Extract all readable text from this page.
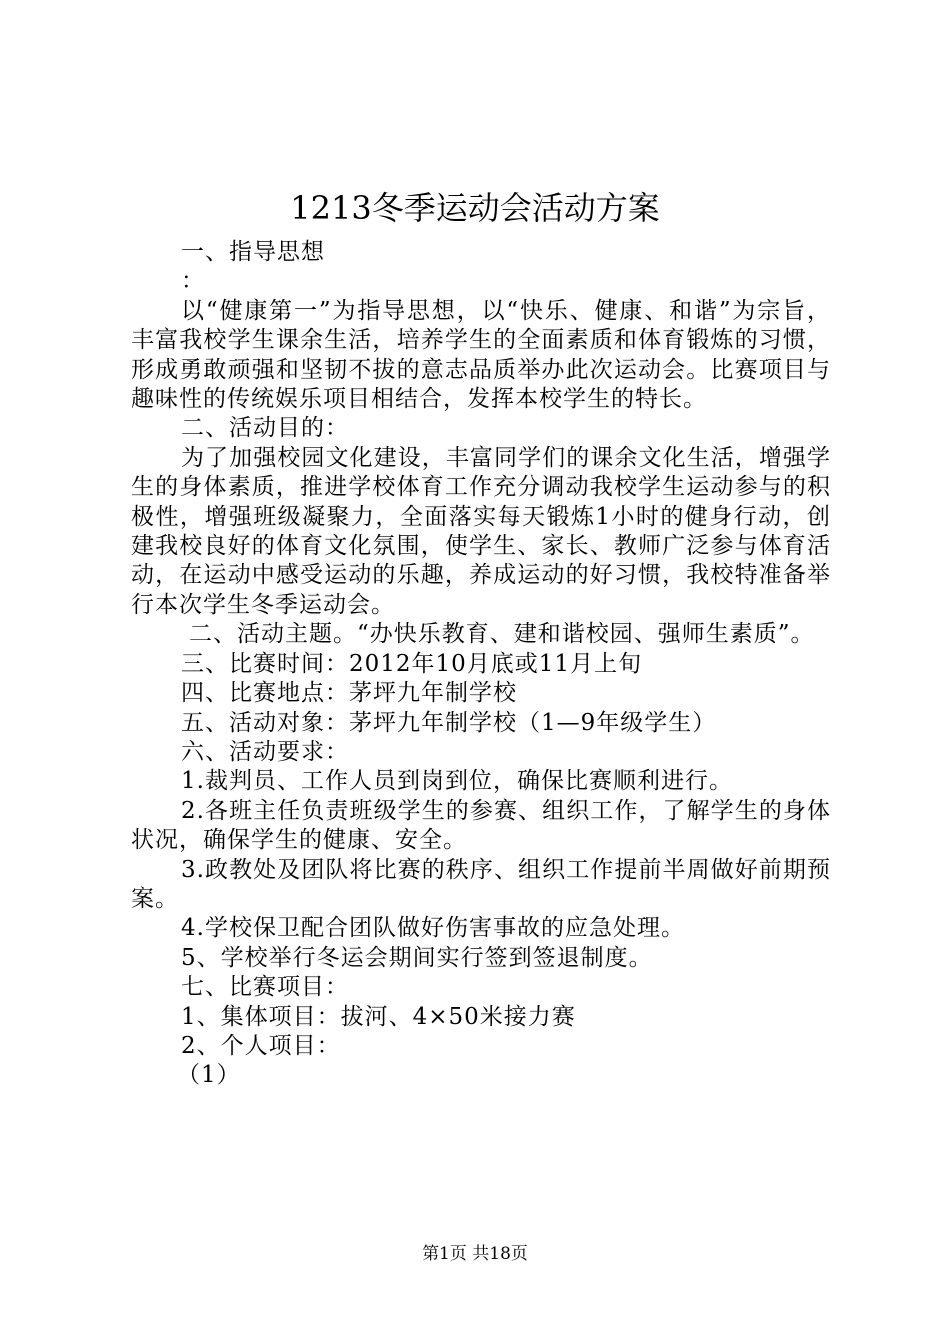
1213冬季运动会活动方案

一、指导思想

：

以“健康第一”为指导思想，以“快乐、健康、和谐”为宗旨，丰富我校学生课余生活，培养学生的全面素质和体育锻炼的习惯，形成勇敢顽强和坚韧不拔的意志品质举办此次运动会。比赛项目与趣味性的传统娱乐项目相结合，发挥本校学生的特长。

二、活动目的：

为了加强校园文化建设，丰富同学们的课余文化生活，增强学生的身体素质，推进学校体育工作充分调动我校学生运动参与的积极性，增强班级凝聚力，全面落实每天锻炼1小时的健身行动，创建我校良好的体育文化氛围，使学生、家长、教师广泛参与体育活动，在运动中感受运动的乐趣，养成运动的好习惯，我校特准备举行本次学生冬季运动会。

二、活动主题。“办快乐教育、建和谐校园、强师生素质”。

三、比赛时间：2012年10月底或11月上旬

四、比赛地点：茅坪九年制学校

五、活动对象：茅坪九年制学校（1—9年级学生）

六、活动要求：

1.裁判员、工作人员到岗到位，确保比赛顺利进行。

2.各班主任负责班级学生的参赛、组织工作，了解学生的身体状况，确保学生的健康、安全。

3.政教处及团队将比赛的秩序、组织工作提前半周做好前期预案。

4.学校保卫配合团队做好伤害事故的应急处理。

5、学校举行冬运会期间实行签到签退制度。

七、比赛项目：

1、集体项目：拔河、4×50米接力赛

2、个人项目：

（1）

第1页 共18页
